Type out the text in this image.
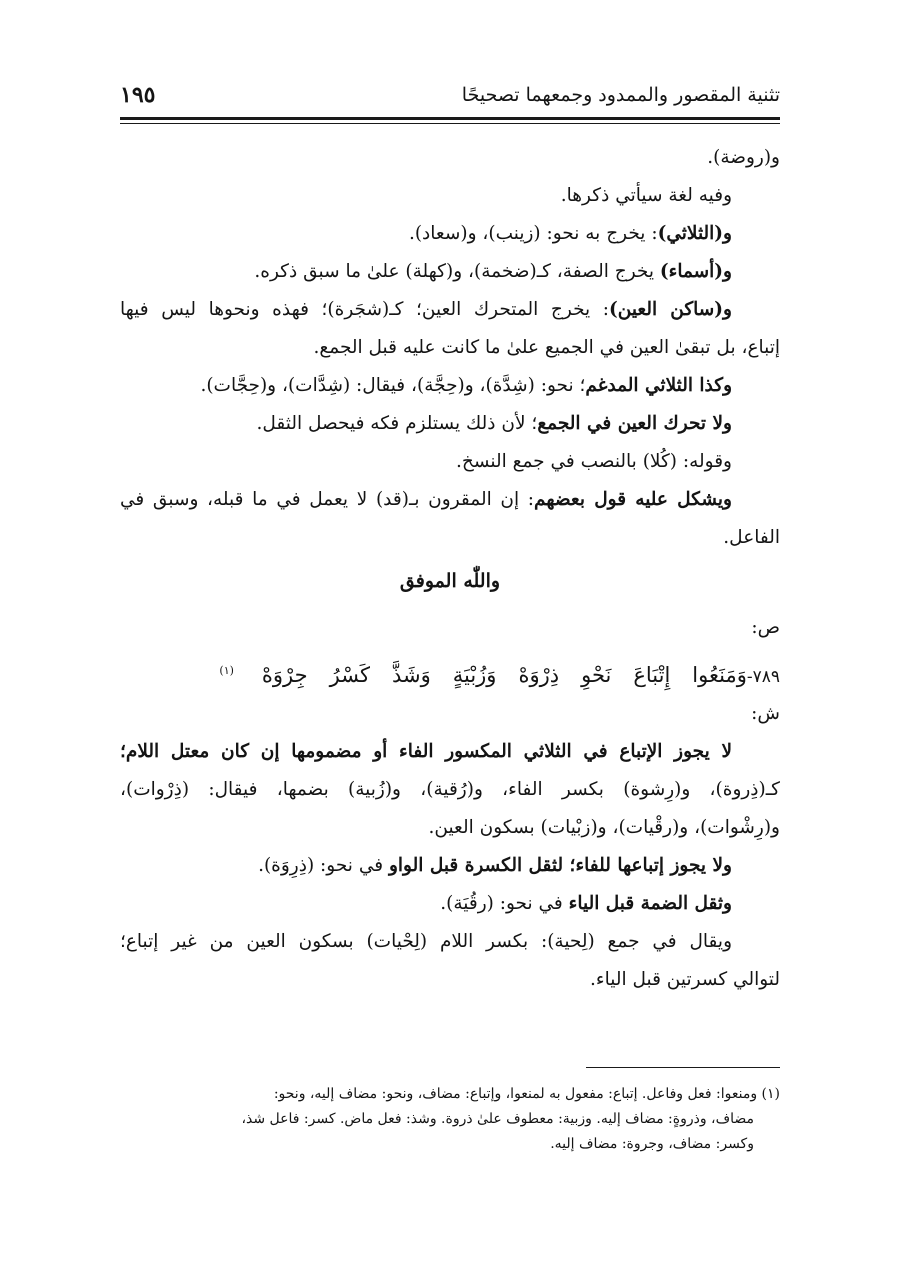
تثنية المقصور والممدود وجمعهما تصحيحًا
١٩٥
و(روضة).
وفيه لغة سيأتي ذكرها.
و(الثلاثي): يخرج به نحو: (زينب)، و(سعاد).
و(أسماء) يخرج الصفة، كـ(ضخمة)، و(كهلة) علىٰ ما سبق ذكره.
و(ساكن العين): يخرج المتحرك العين؛ كـ(شجَرة)؛ فهذه ونحوها ليس فيها
إتباع، بل تبقىٰ العين في الجميع علىٰ ما كانت عليه قبل الجمع.
وكذا الثلاثي المدغم؛ نحو: (شِدَّة)، و(حِجَّة)، فيقال: (شِدَّات)، و(حِجَّات).
ولا تحرك العين في الجمع؛ لأن ذلك يستلزم فكه فيحصل الثقل.
وقوله: (كُلا) بالنصب في جمع النسخ.
ويشكل عليه قول بعضهم: إن المقرون بـ(قد) لا يعمل في ما قبله، وسبق في
الفاعل.
واللّٰه الموفق
ص:
٧٨٩-وَمَنَعُواإِتْبَاعَنَحْوِذِرْوَهْوَزُبْيَةٍوَشَذَّكَسْرُجِرْوَهْ$^{(١)}$
ش:
لا يجوز الإتباع في الثلاثي المكسور الفاء أو مضمومها إن كان معتل اللام؛
كـ(ذِروة)، و(رِشوة) بكسر الفاء، و(رُقية)، و(زُبية) بضمها، فيقال: (ذِرْوات)،
و(رِشْوات)، و(رقْيات)، و(زبْيات) بسكون العين.
ولا يجوز إتباعها للفاء؛ لثقل الكسرة قبل الواو في نحو: (ذِرِوَة).
وثقل الضمة قبل الياء في نحو: (رقُيَة).
ويقال في جمع (لِحية): بكسر اللام (لِحْيات) بسكون العين من غير إتباع؛
لتوالي كسرتين قبل الياء.
(١) ومنعوا: فعل وفاعل. إتباع: مفعول به لمنعوا، وإتباع: مضاف، ونحو: مضاف إليه، ونحو:
مضاف، وذروةٍ: مضاف إليه. وزبية: معطوف علىٰ ذروة. وشذ: فعل ماض. كسر: فاعل شذ،
وكسر: مضاف، وجروة: مضاف إليه.
